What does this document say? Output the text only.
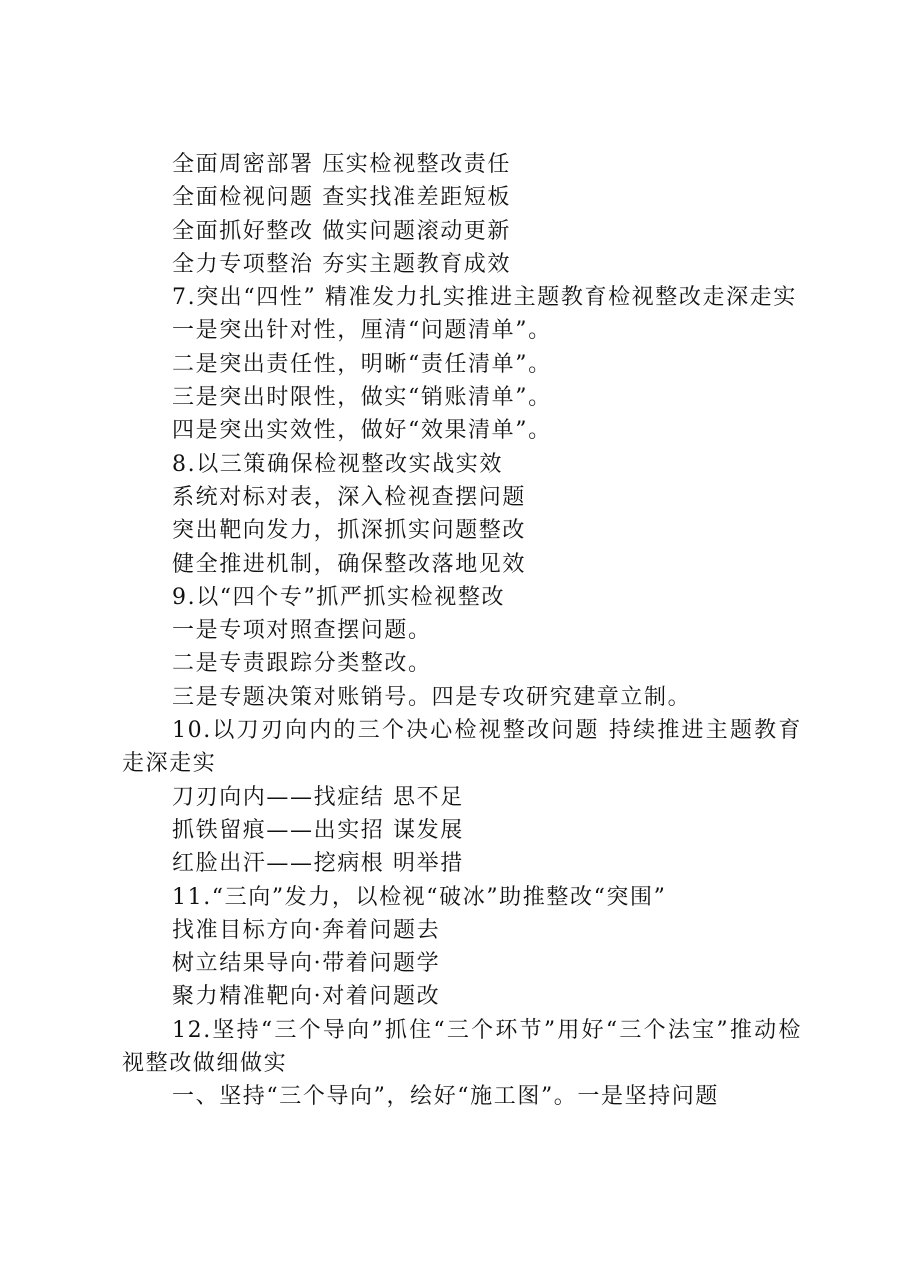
全面周密部署 压实检视整改责任

全面检视问题 查实找准差距短板

全面抓好整改 做实问题滚动更新

全力专项整治 夯实主题教育成效

7.突出“四性” 精准发力扎实推进主题教育检视整改走深走实

一是突出针对性，厘清“问题清单”。

二是突出责任性，明晰“责任清单”。

三是突出时限性，做实“销账清单”。

四是突出实效性，做好“效果清单”。

8.以三策确保检视整改实战实效

系统对标对表，深入检视查摆问题

突出靶向发力，抓深抓实问题整改

健全推进机制，确保整改落地见效

9.以“四个专”抓严抓实检视整改

一是专项对照查摆问题。

二是专责跟踪分类整改。

三是专题决策对账销号。四是专攻研究建章立制。

10.以刀刃向内的三个决心检视整改问题 持续推进主题教育走深走实

刀刃向内——找症结 思不足

抓铁留痕——出实招 谋发展

红脸出汗——挖病根 明举措

11.“三向”发力，以检视“破冰”助推整改“突围”

找准目标方向·奔着问题去

树立结果导向·带着问题学

聚力精准靶向·对着问题改

12.坚持“三个导向”抓住“三个环节”用好“三个法宝”推动检视整改做细做实

一、坚持“三个导向”，绘好“施工图”。一是坚持问题
